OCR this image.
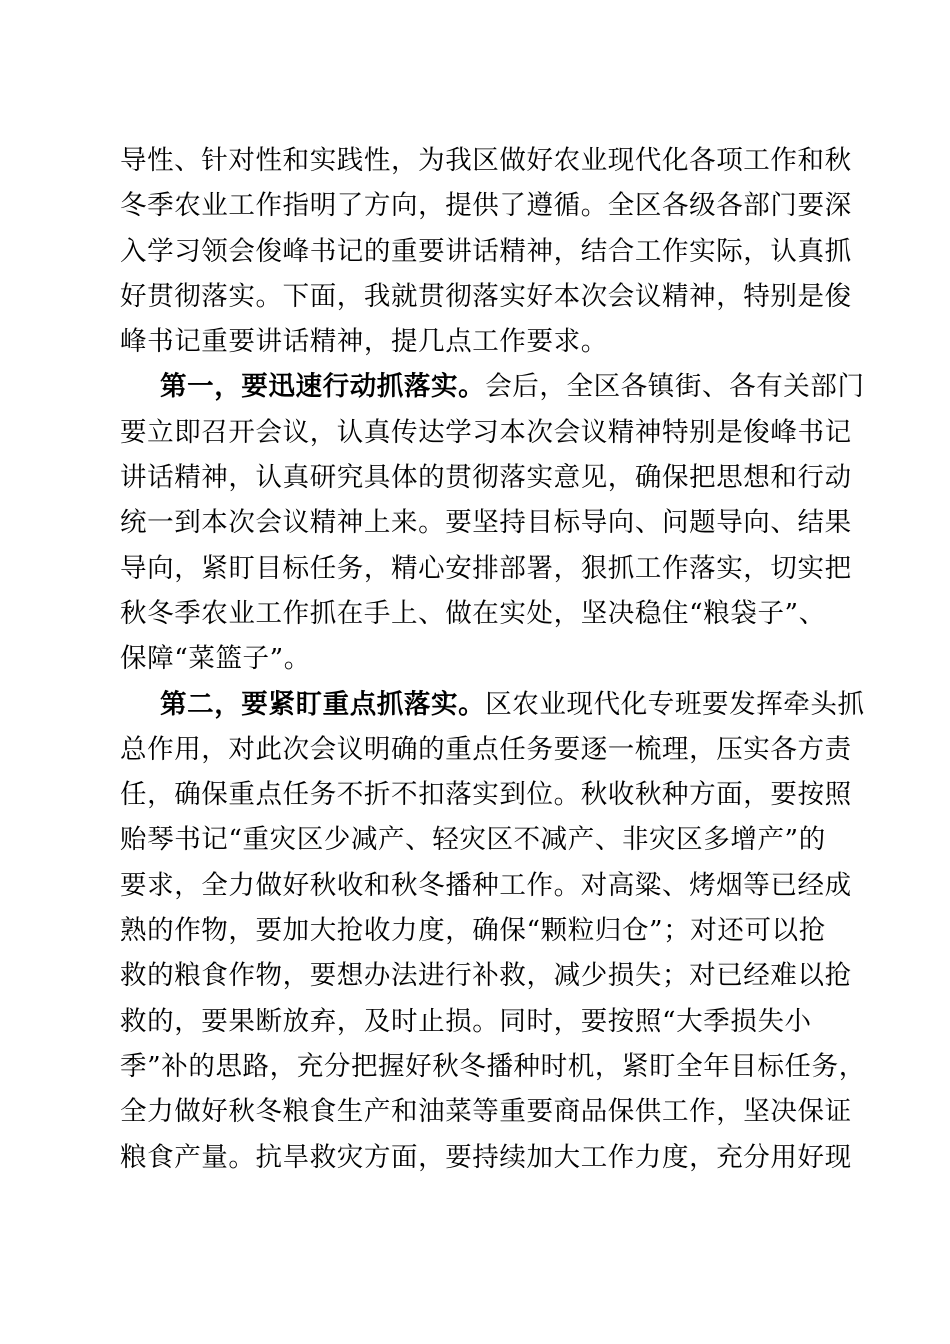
导性、针对性和实践性，为我区做好农业现代化各项工作和秋
冬季农业工作指明了方向，提供了遵循。全区各级各部门要深
入学习领会俊峰书记的重要讲话精神，结合工作实际，认真抓
好贯彻落实。下面，我就贯彻落实好本次会议精神，特别是俊
峰书记重要讲话精神，提几点工作要求。
第一，要迅速行动抓落实。会后，全区各镇街、各有关部门
要立即召开会议，认真传达学习本次会议精神特别是俊峰书记
讲话精神，认真研究具体的贯彻落实意见，确保把思想和行动
统一到本次会议精神上来。要坚持目标导向、问题导向、结果
导向，紧盯目标任务，精心安排部署，狠抓工作落实，切实把
秋冬季农业工作抓在手上、做在实处，坚决稳住“粮袋子”、
保障“菜篮子”。
第二，要紧盯重点抓落实。区农业现代化专班要发挥牵头抓
总作用，对此次会议明确的重点任务要逐一梳理，压实各方责
任，确保重点任务不折不扣落实到位。秋收秋种方面，要按照
贻琴书记“重灾区少减产、轻灾区不减产、非灾区多增产”的
要求，全力做好秋收和秋冬播种工作。对高粱、烤烟等已经成
熟的作物，要加大抢收力度，确保“颗粒归仓”；对还可以抢
救的粮食作物，要想办法进行补救，减少损失；对已经难以抢
救的，要果断放弃，及时止损。同时，要按照“大季损失小
季”补的思路，充分把握好秋冬播种时机，紧盯全年目标任务，
全力做好秋冬粮食生产和油菜等重要商品保供工作，坚决保证
粮食产量。抗旱救灾方面，要持续加大工作力度，充分用好现
